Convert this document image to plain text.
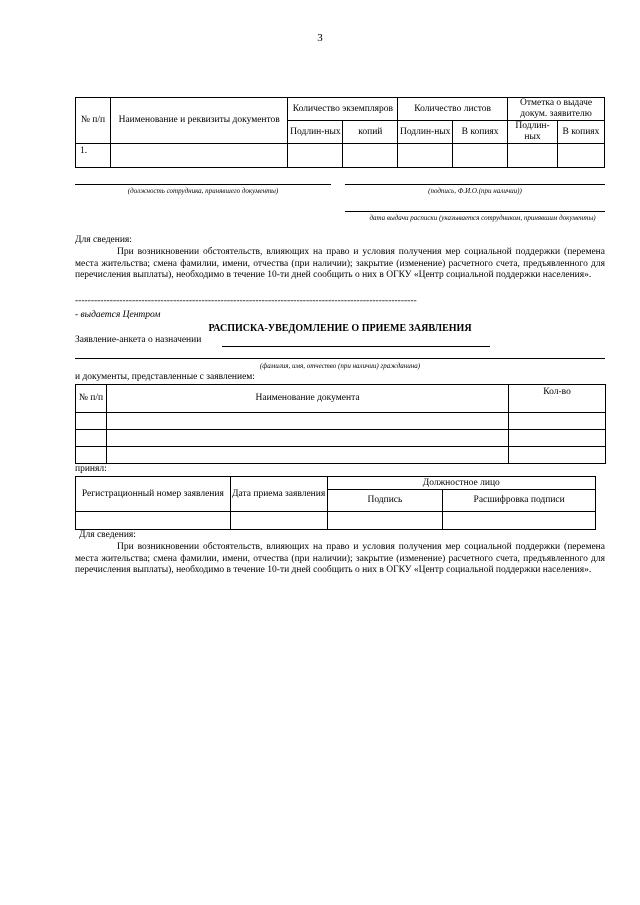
3
№ п/п	Наименование и реквизиты документов	Количество экземпляров		Количество листов		Отметка о выдаче докум. заявителю	
		Подлин-ных	копий	Подлин-ных	В копиях	Подлин-ных	В копиях
1.							
(должность сотрудника, принявшего документы)	(подпись, Ф.И.О.(при наличии))
дата выдачи расписки (указывается сотрудником, принявшим документы)
Для сведения:
При возникновении обстоятельств, влияющих на право и условия получения мер социальной поддержки (перемена места жительства; смена фамилии, имени, отчества (при наличии); закрытие (изменение) расчетного счета, предъявленного для перечисления выплаты), необходимо в течение 10-ти дней сообщить о них в ОГКУ «Центр социальной поддержки населения».
------------------------------------------------------------------------------------------------------------
- выдается Центром
РАСПИСКА-УВЕДОМЛЕНИЕ О ПРИЕМЕ ЗАЯВЛЕНИЯ
Заявление-анкета о назначении
(фамилия, имя, отчество (при наличии) гражданина)
и документы, представленные с заявлением:
№ п/п	Наименование документа	Кол-во

принял:
Регистрационный номер заявления	Дата приема заявления	Должностное лицо	
		Подпись	Расшифровка подписи

Для сведения:
При возникновении обстоятельств, влияющих на право и условия получения мер социальной поддержки (перемена места жительства; смена фамилии, имени, отчества (при наличии); закрытие (изменение) расчетного счета, предъявленного для перечисления выплаты), необходимо в течение 10-ти дней сообщить о них в ОГКУ «Центр социальной поддержки населения».
